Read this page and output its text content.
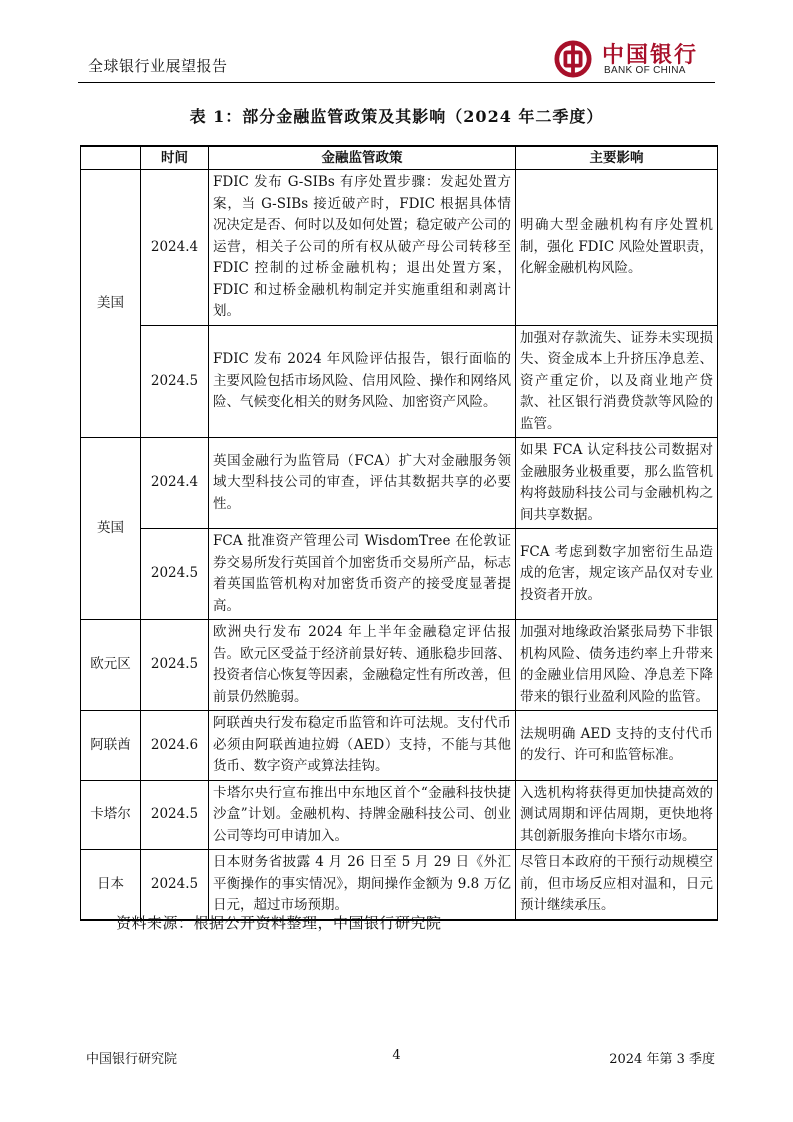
全球银行业展望报告	中国银行
BANK OF CHINA
表 1：部分金融监管政策及其影响（2024 年二季度）
	时间	金融监管政策	主要影响
美国	2024.4	FDIC 发布 G-SIBs 有序处置步骤：发起处置方案，当 G-SIBs 接近破产时，FDIC 根据具体情况决定是否、何时以及如何处置；稳定破产公司的运营，相关子公司的所有权从破产母公司转移至 FDIC 控制的过桥金融机构；退出处置方案，FDIC 和过桥金融机构制定并实施重组和剥离计划。	明确大型金融机构有序处置机制，强化 FDIC 风险处置职责，化解金融机构风险。
	2024.5	FDIC 发布 2024 年风险评估报告，银行面临的主要风险包括市场风险、信用风险、操作和网络风险、气候变化相关的财务风险、加密资产风险。	加强对存款流失、证券未实现损失、资金成本上升挤压净息差、资产重定价，以及商业地产贷款、社区银行消费贷款等风险的监管。
英国	2024.4	英国金融行为监管局（FCA）扩大对金融服务领域大型科技公司的审查，评估其数据共享的必要性。	如果 FCA 认定科技公司数据对金融服务业极重要，那么监管机构将鼓励科技公司与金融机构之间共享数据。
	2024.5	FCA 批准资产管理公司 WisdomTree 在伦敦证券交易所发行英国首个加密货币交易所产品，标志着英国监管机构对加密货币资产的接受度显著提高。	FCA 考虑到数字加密衍生品造成的危害，规定该产品仅对专业投资者开放。
欧元区	2024.5	欧洲央行发布 2024 年上半年金融稳定评估报告。欧元区受益于经济前景好转、通胀稳步回落、投资者信心恢复等因素，金融稳定性有所改善，但前景仍然脆弱。	加强对地缘政治紧张局势下非银机构风险、债务违约率上升带来的金融业信用风险、净息差下降带来的银行业盈利风险的监管。
阿联酋	2024.6	阿联酋央行发布稳定币监管和许可法规。支付代币必须由阿联酋迪拉姆（AED）支持，不能与其他货币、数字资产或算法挂钩。	法规明确 AED 支持的支付代币的发行、许可和监管标准。
卡塔尔	2024.5	卡塔尔央行宣布推出中东地区首个“金融科技快捷沙盒”计划。金融机构、持牌金融科技公司、创业公司等均可申请加入。	入选机构将获得更加快捷高效的测试周期和评估周期，更快地将其创新服务推向卡塔尔市场。
日本	2024.5	日本财务省披露 4 月 26 日至 5 月 29 日《外汇平衡操作的事实情况》，期间操作金额为 9.8 万亿日元，超过市场预期。	尽管日本政府的干预行动规模空前，但市场反应相对温和，日元预计继续承压。
资料来源：根据公开资料整理，中国银行研究院
中国银行研究院	4	2024 年第 3 季度
